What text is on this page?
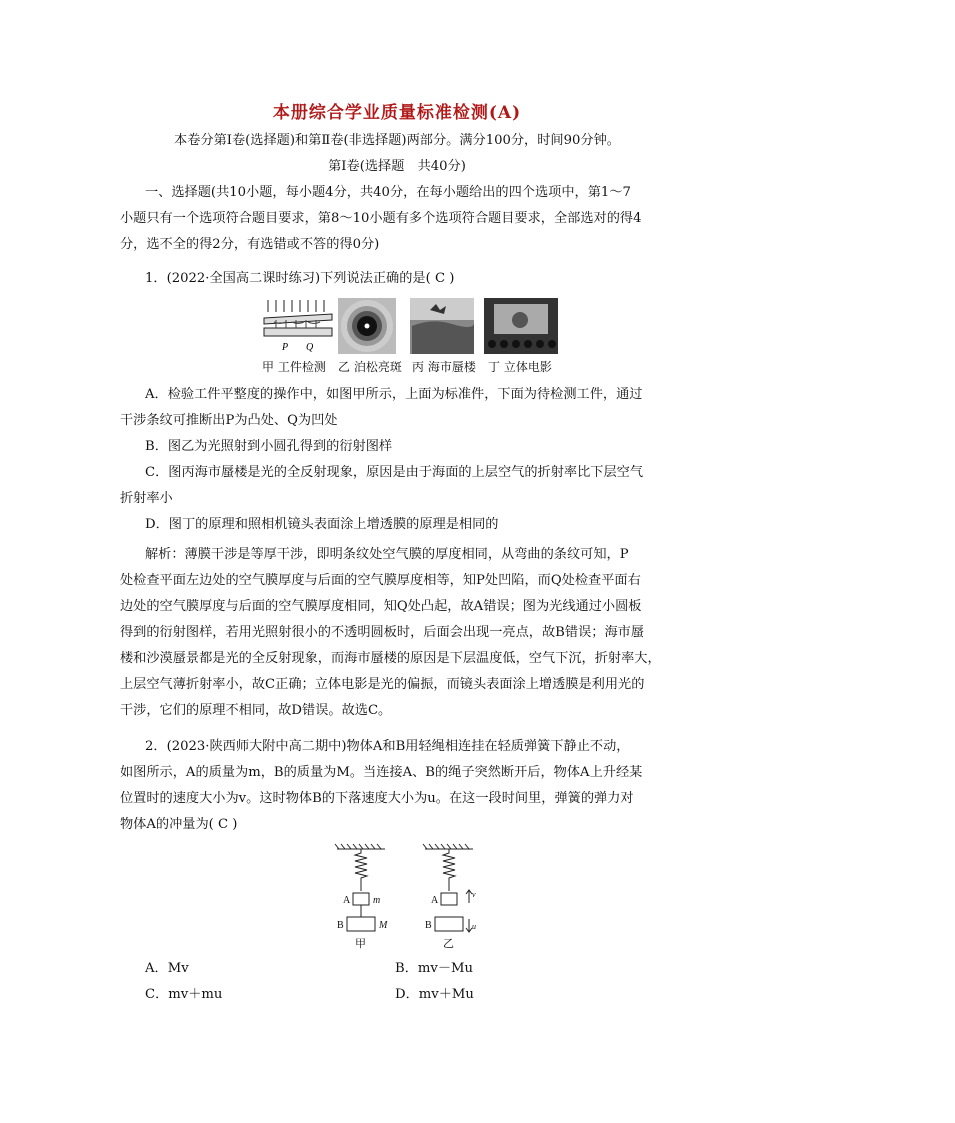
本册综合学业质量标准检测(A)
本卷分第Ⅰ卷(选择题)和第Ⅱ卷(非选择题)两部分。满分100分，时间90分钟。
第Ⅰ卷(选择题　共40分)
一、选择题(共10小题，每小题4分，共40分，在每小题给出的四个选项中，第1～7
小题只有一个选项符合题目要求，第8～10小题有多个选项符合题目要求，全部选对的得4
分，选不全的得2分，有选错或不答的得0分)
1．(2022·全国高二课时练习)下列说法正确的是( C )
P Q
甲 工件检测 乙 泊松亮斑 丙 海市蜃楼 丁 立体电影
A．检验工件平整度的操作中，如图甲所示，上面为标准件，下面为待检测工件，通过
干涉条纹可推断出P为凸处、Q为凹处
B．图乙为光照射到小圆孔得到的衍射图样
C．图丙海市蜃楼是光的全反射现象，原因是由于海面的上层空气的折射率比下层空气
折射率小
D．图丁的原理和照相机镜头表面涂上增透膜的原理是相同的
解析：薄膜干涉是等厚干涉，即明条纹处空气膜的厚度相同，从弯曲的条纹可知，P
处检查平面左边处的空气膜厚度与后面的空气膜厚度相等，知P处凹陷，而Q处检查平面右
边处的空气膜厚度与后面的空气膜厚度相同，知Q处凸起，故A错误；图为光线通过小圆板
得到的衍射图样，若用光照射很小的不透明圆板时，后面会出现一亮点，故B错误；海市蜃
楼和沙漠蜃景都是光的全反射现象，而海市蜃楼的原因是下层温度低，空气下沉，折射率大，
上层空气薄折射率小，故C正确；立体电影是光的偏振，而镜头表面涂上增透膜是利用光的
干涉，它们的原理不相同，故D错误。故选C。
2．(2023·陕西师大附中高二期中)物体A和B用轻绳相连挂在轻质弹簧下静止不动，
如图所示，A的质量为m，B的质量为M。当连接A、B的绳子突然断开后，物体A上升经某
位置时的速度大小为v。这时物体B的下落速度大小为u。在这一段时间里，弹簧的弹力对
物体A的冲量为( C )
A m
B	M
A
B
v
u
甲	乙
A．Mv	B．mv－Mu
C．mv＋mu	D．mv＋Mu
